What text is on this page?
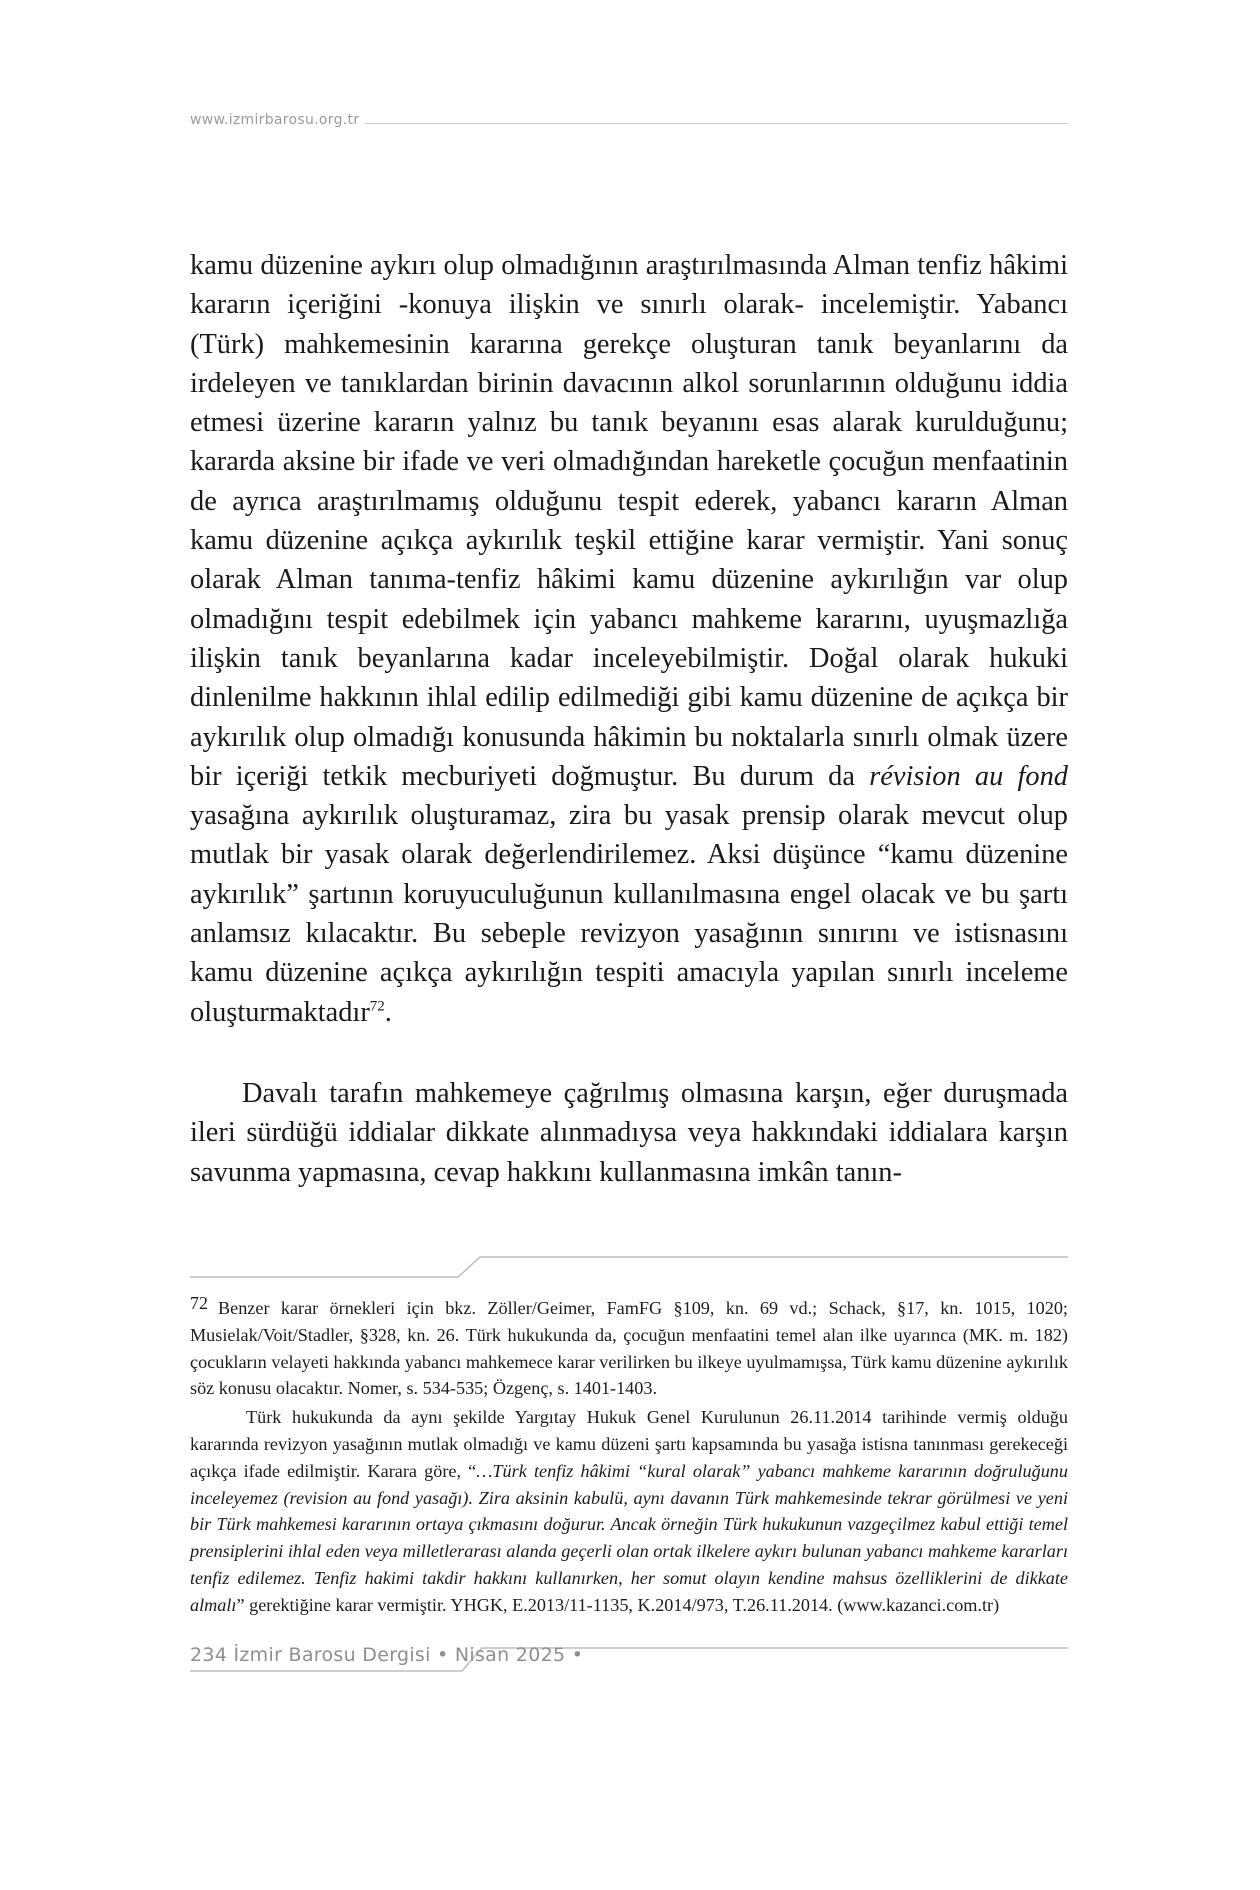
www.izmirbarosu.org.tr

kamu düzenine aykırı olup olmadığının araştırılmasında Alman tenfiz hâkimi kararın içeriğini -konuya ilişkin ve sınırlı olarak- incelemiştir. Yabancı (Türk) mahkemesinin kararına gerekçe oluşturan tanık beyanlarını da irdeleyen ve tanıklardan birinin davacının alkol sorunlarının olduğunu iddia etmesi üzerine kararın yalnız bu tanık beyanını esas alarak kurulduğunu; kararda aksine bir ifade ve veri olmadığından hareketle çocuğun menfaatinin de ayrıca araştırılmamış olduğunu tespit ederek, yabancı kararın Alman kamu düzenine açıkça aykırılık teşkil ettiğine karar vermiştir. Yani sonuç olarak Alman tanıma-tenfiz hâkimi kamu düzenine aykırılığın var olup olmadığını tespit edebilmek için yabancı mahkeme kararını, uyuşmazlığa ilişkin tanık beyanlarına kadar inceleyebilmiştir. Doğal olarak hukuki dinlenilme hakkının ihlal edilip edilmediği gibi kamu düzenine de açıkça bir aykırılık olup olmadığı konusunda hâkimin bu noktalarla sınırlı olmak üzere bir içeriği tetkik mecburiyeti doğmuştur. Bu durum da révision au fond yasağına aykırılık oluşturamaz, zira bu yasak prensip olarak mevcut olup mutlak bir yasak olarak değerlendirilemez. Aksi düşünce “kamu düzenine aykırılık” şartının koruyuculuğunun kullanılmasına engel olacak ve bu şartı anlamsız kılacaktır. Bu sebeple revizyon yasağının sınırını ve istisnasını kamu düzenine açıkça aykırılığın tespiti amacıyla yapılan sınırlı inceleme oluşturmaktadır$^{72}$.

Davalı tarafın mahkemeye çağrılmış olmasına karşın, eğer duruşmada ileri sürdüğü iddialar dikkate alınmadıysa veya hakkındaki iddialara karşın savunma yapmasına, cevap hakkını kullanmasına imkân tanın-

72 Benzer karar örnekleri için bkz. Zöller/Geimer, FamFG §109, kn. 69 vd.; Schack, §17, kn. 1015, 1020; Musielak/Voit/Stadler, §328, kn. 26. Türk hukukunda da, çocuğun menfaatini temel alan ilke uyarınca (MK. m. 182) çocukların velayeti hakkında yabancı mahkemece karar verilirken bu ilkeye uyulmamışsa, Türk kamu düzenine aykırılık söz konusu olacaktır. Nomer, s. 534-535; Özgenç, s. 1401-1403.

Türk hukukunda da aynı şekilde Yargıtay Hukuk Genel Kurulunun 26.11.2014 tarihinde vermiş olduğu kararında revizyon yasağının mutlak olmadığı ve kamu düzeni şartı kapsamında bu yasağa istisna tanınması gerekeceği açıkça ifade edilmiştir. Karara göre, “…Türk tenfiz hâkimi “kural olarak” yabancı mahkeme kararının doğruluğunu inceleyemez (revision au fond yasağı). Zira aksinin kabulü, aynı davanın Türk mahkemesinde tekrar görülmesi ve yeni bir Türk mahkemesi kararının ortaya çıkmasını doğurur. Ancak örneğin Türk hukukunun vazgeçilmez kabul ettiği temel prensiplerini ihlal eden veya milletlerarası alanda geçerli olan ortak ilkelere aykırı bulunan yabancı mahkeme kararları tenfiz edilemez. Tenfiz hakimi takdir hakkını kullanırken, her somut olayın kendine mahsus özelliklerini de dikkate almalı” gerektiğine karar vermiştir. YHGK, E.2013/11-1135, K.2014/973, T.26.11.2014. (www.kazanci.com.tr)

234 İzmir Barosu Dergisi • Nisan 2025 •
